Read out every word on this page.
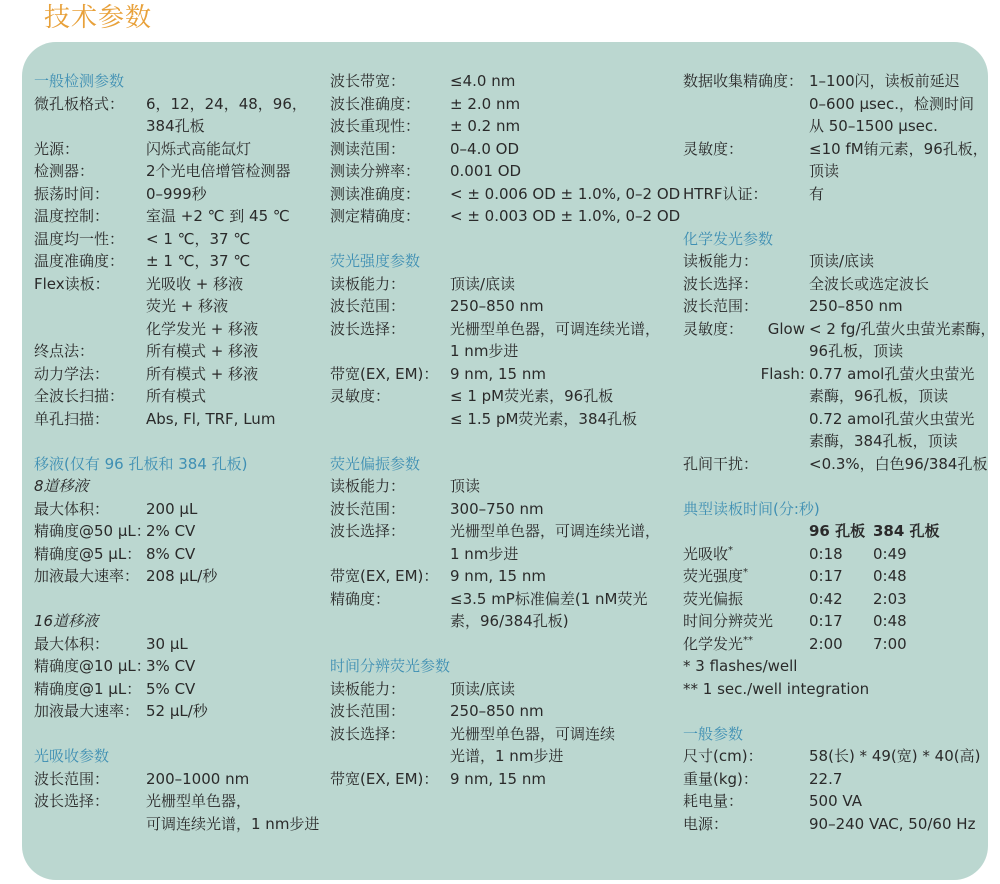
技术参数
一般检测参数
微孔板格式：	6，12，24，48，96，
384孔板
光源：	闪烁式高能氙灯
检测器：	2个光电倍增管检测器
振荡时间：	0–999秒
温度控制：	室温 +2 ℃ 到 45 ℃
温度均一性：	< 1 ℃，37 ℃
温度准确度：	± 1 ℃，37 ℃
Flex读板：	光吸收 + 移液
荧光 + 移液
化学发光 + 移液
终点法：	所有模式 + 移液
动力学法：	所有模式 + 移液
全波长扫描：	所有模式
单孔扫描：	Abs, Fl, TRF, Lum
移液(仅有 96 孔板和 384 孔板)
8道移液
最大体积：	200 µL
精确度@50 µL：
2% CV
精确度@5 µL： 8% CV
加液最大速率： 208 µL/秒
16道移液
最大体积：	30 µL
精确度@10 µL：
3% CV
精确度@1 µL： 5% CV
加液最大速率： 52 µL/秒
光吸收参数
波长范围：	200–1000 nm
波长选择：	光栅型单色器，
可调连续光谱，1 nm步进
波长带宽：	≤4.0 nm
波长准确度：	± 2.0 nm
波长重现性：	± 0.2 nm
测读范围：	0–4.0 OD
测读分辨率：	0.001 OD
测读准确度：	< ± 0.006 OD ± 1.0%, 0–2 OD
测定精确度：	< ± 0.003 OD ± 1.0%, 0–2 OD
荧光强度参数
读板能力：	顶读/底读
波长范围：	250–850 nm
波长选择：	光栅型单色器，可调连续光谱，
1 nm步进
带宽(EX, EM)： 9 nm, 15 nm
灵敏度：	≤ 1 pM荧光素，96孔板
≤ 1.5 pM荧光素，384孔板
荧光偏振参数
读板能力：	顶读
波长范围：	300–750 nm
波长选择：	光栅型单色器，可调连续光谱，
1 nm步进
带宽(EX, EM)： 9 nm, 15 nm
精确度：	≤3.5 mP标准偏差(1 nM荧光
素，96/384孔板)
时间分辨荧光参数
读板能力：	顶读/底读
波长范围：	250–850 nm
波长选择：	光栅型单色器，可调连续
光谱，1 nm步进
带宽(EX, EM)： 9 nm, 15 nm
数据收集精确度： 1–100闪，读板前延迟
0–600 µsec.，检测时间
从 50–1500 µsec.
灵敏度：	≤10 fM铕元素，96孔板，
顶读
HTRF认证：	有
化学发光参数
读板能力：	顶读/底读
波长选择：	全波长或选定波长
波长范围：	250–850 nm
灵敏度：	Glow < 2 fg/孔萤火虫萤光素酶，
96孔板，顶读
Flash: 0.77 amol孔萤火虫萤光
素酶，96孔板，顶读
0.72 amol孔萤火虫萤光
素酶，384孔板，顶读
孔间干扰：	<0.3%，白色96/384孔板
典型读板时间(分:秒)
96 孔板 384 孔板
光吸收*	0:18	0:49
荧光强度*	0:17	0:48
荧光偏振	0:42	2:03
时间分辨荧光	0:17	0:48
化学发光**	2:00	7:00
* 3 flashes/well
** 1 sec./well integration
一般参数
尺寸(cm)：	58(长) * 49(宽) * 40(高)
重量(kg)：	22.7
耗电量：	500 VA
电源：	90–240 VAC, 50/60 Hz
